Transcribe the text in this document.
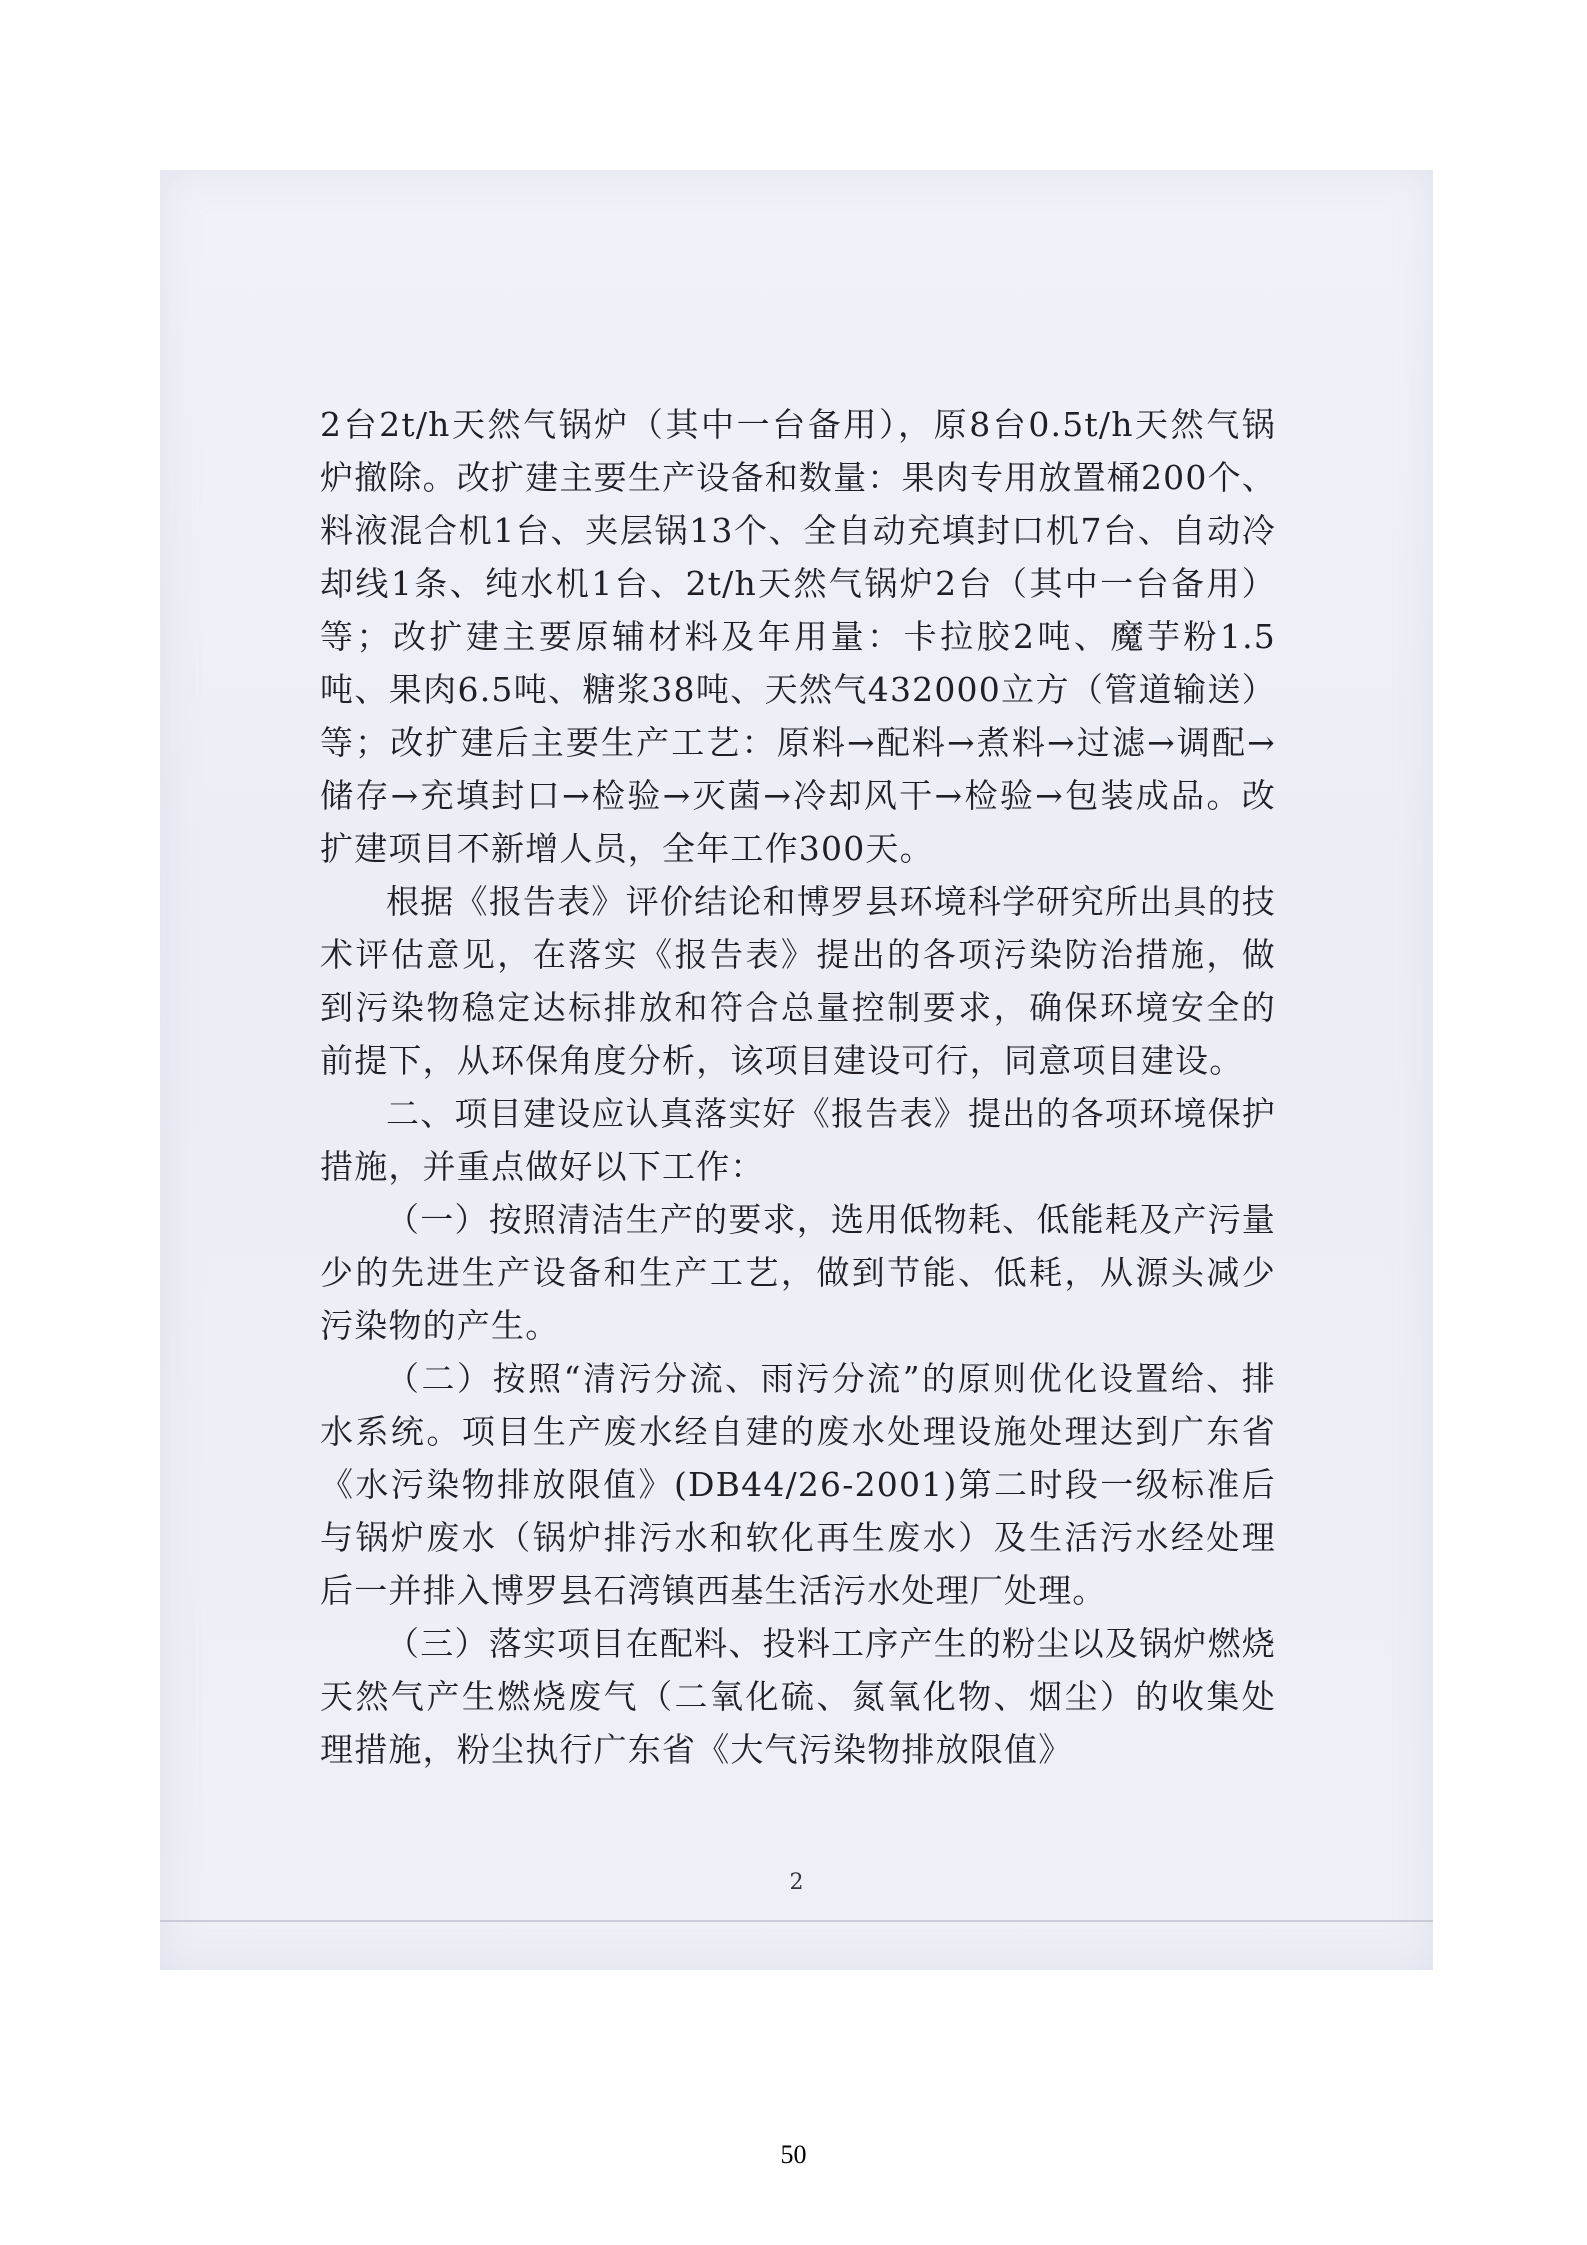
2台2t/h天然气锅炉（其中一台备用），原8台0.5t/h天然气锅炉撤除。改扩建主要生产设备和数量：果肉专用放置桶200个、料液混合机1台、夹层锅13个、全自动充填封口机7台、自动冷却线1条、纯水机1台、2t/h天然气锅炉2台（其中一台备用）等；改扩建主要原辅材料及年用量：卡拉胶2吨、魔芋粉1.5吨、果肉6.5吨、糖浆38吨、天然气432000立方（管道输送）等；改扩建后主要生产工艺：原料→配料→煮料→过滤→调配→储存→充填封口→检验→灭菌→冷却风干→检验→包装成品。改扩建项目不新增人员，全年工作300天。

根据《报告表》评价结论和博罗县环境科学研究所出具的技术评估意见，在落实《报告表》提出的各项污染防治措施，做到污染物稳定达标排放和符合总量控制要求，确保环境安全的前提下，从环保角度分析，该项目建设可行，同意项目建设。

二、项目建设应认真落实好《报告表》提出的各项环境保护措施，并重点做好以下工作：

（一）按照清洁生产的要求，选用低物耗、低能耗及产污量少的先进生产设备和生产工艺，做到节能、低耗，从源头减少污染物的产生。

（二）按照“清污分流、雨污分流”的原则优化设置给、排水系统。项目生产废水经自建的废水处理设施处理达到广东省《水污染物排放限值》(DB44/26-2001)第二时段一级标准后与锅炉废水（锅炉排污水和软化再生废水）及生活污水经处理后一并排入博罗县石湾镇西基生活污水处理厂处理。

（三）落实项目在配料、投料工序产生的粉尘以及锅炉燃烧天然气产生燃烧废气（二氧化硫、氮氧化物、烟尘）的收集处理措施，粉尘执行广东省《大气污染物排放限值》

2
50
